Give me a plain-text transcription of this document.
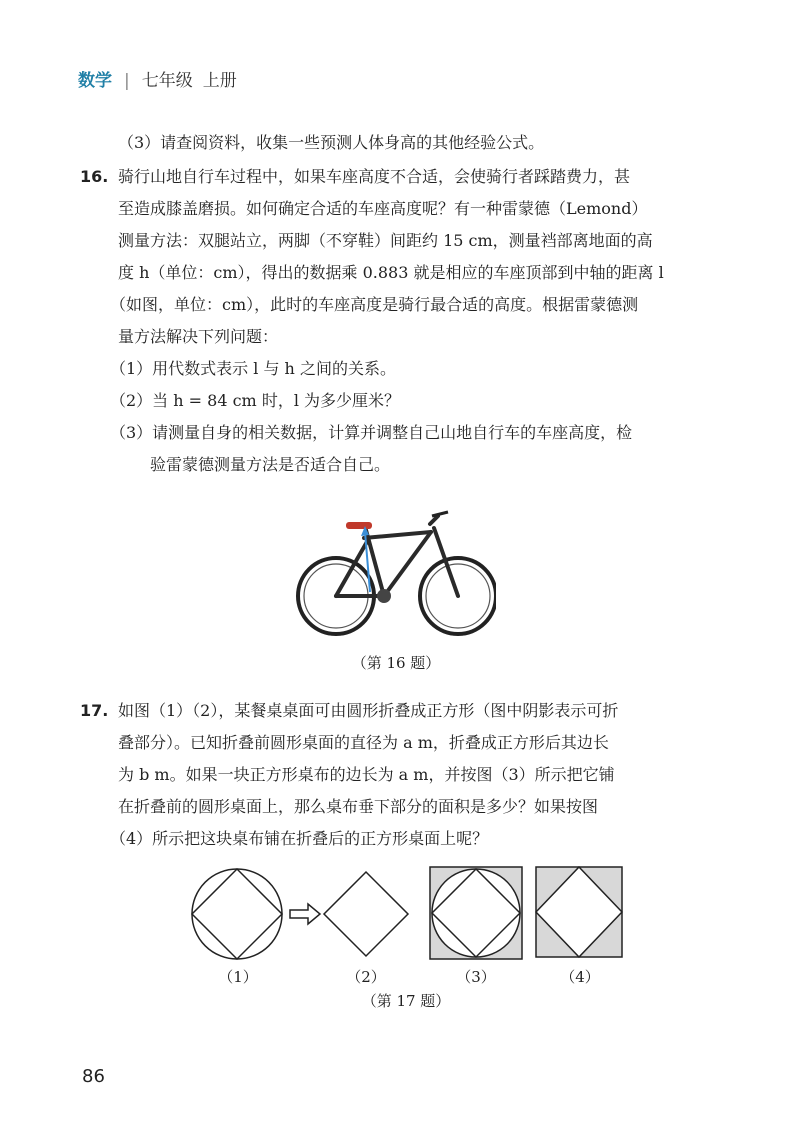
数学 | 七年级 上册
（3）请查阅资料，收集一些预测人体身高的其他经验公式。
16. 骑行山地自行车过程中，如果车座高度不合适，会使骑行者踩踏费力，甚
至造成膝盖磨损。如何确定合适的车座高度呢？有一种雷蒙德（Lemond）
测量方法：双腿站立，两脚（不穿鞋）间距约 15 cm，测量裆部离地面的高
度 h（单位：cm），得出的数据乘 0.883 就是相应的车座顶部到中轴的距离 l
（如图，单位：cm），此时的车座高度是骑行最合适的高度。根据雷蒙德测
量方法解决下列问题：
（1）用代数式表示 l 与 h 之间的关系。
（2）当 h = 84 cm 时，l 为多少厘米？
（3）请测量自身的相关数据，计算并调整自己山地自行车的车座高度，检
验雷蒙德测量方法是否适合自己。
（第 16 题）
17. 如图（1）（2），某餐桌桌面可由圆形折叠成正方形（图中阴影表示可折
叠部分）。已知折叠前圆形桌面的直径为 a m，折叠成正方形后其边长
为 b m。如果一块正方形桌布的边长为 a m，并按图（3）所示把它铺
在折叠前的圆形桌面上，那么桌布垂下部分的面积是多少？如果按图
（4）所示把这块桌布铺在折叠后的正方形桌面上呢？
（1）	（2）	（3）	（4）
（第 17 题）
86
